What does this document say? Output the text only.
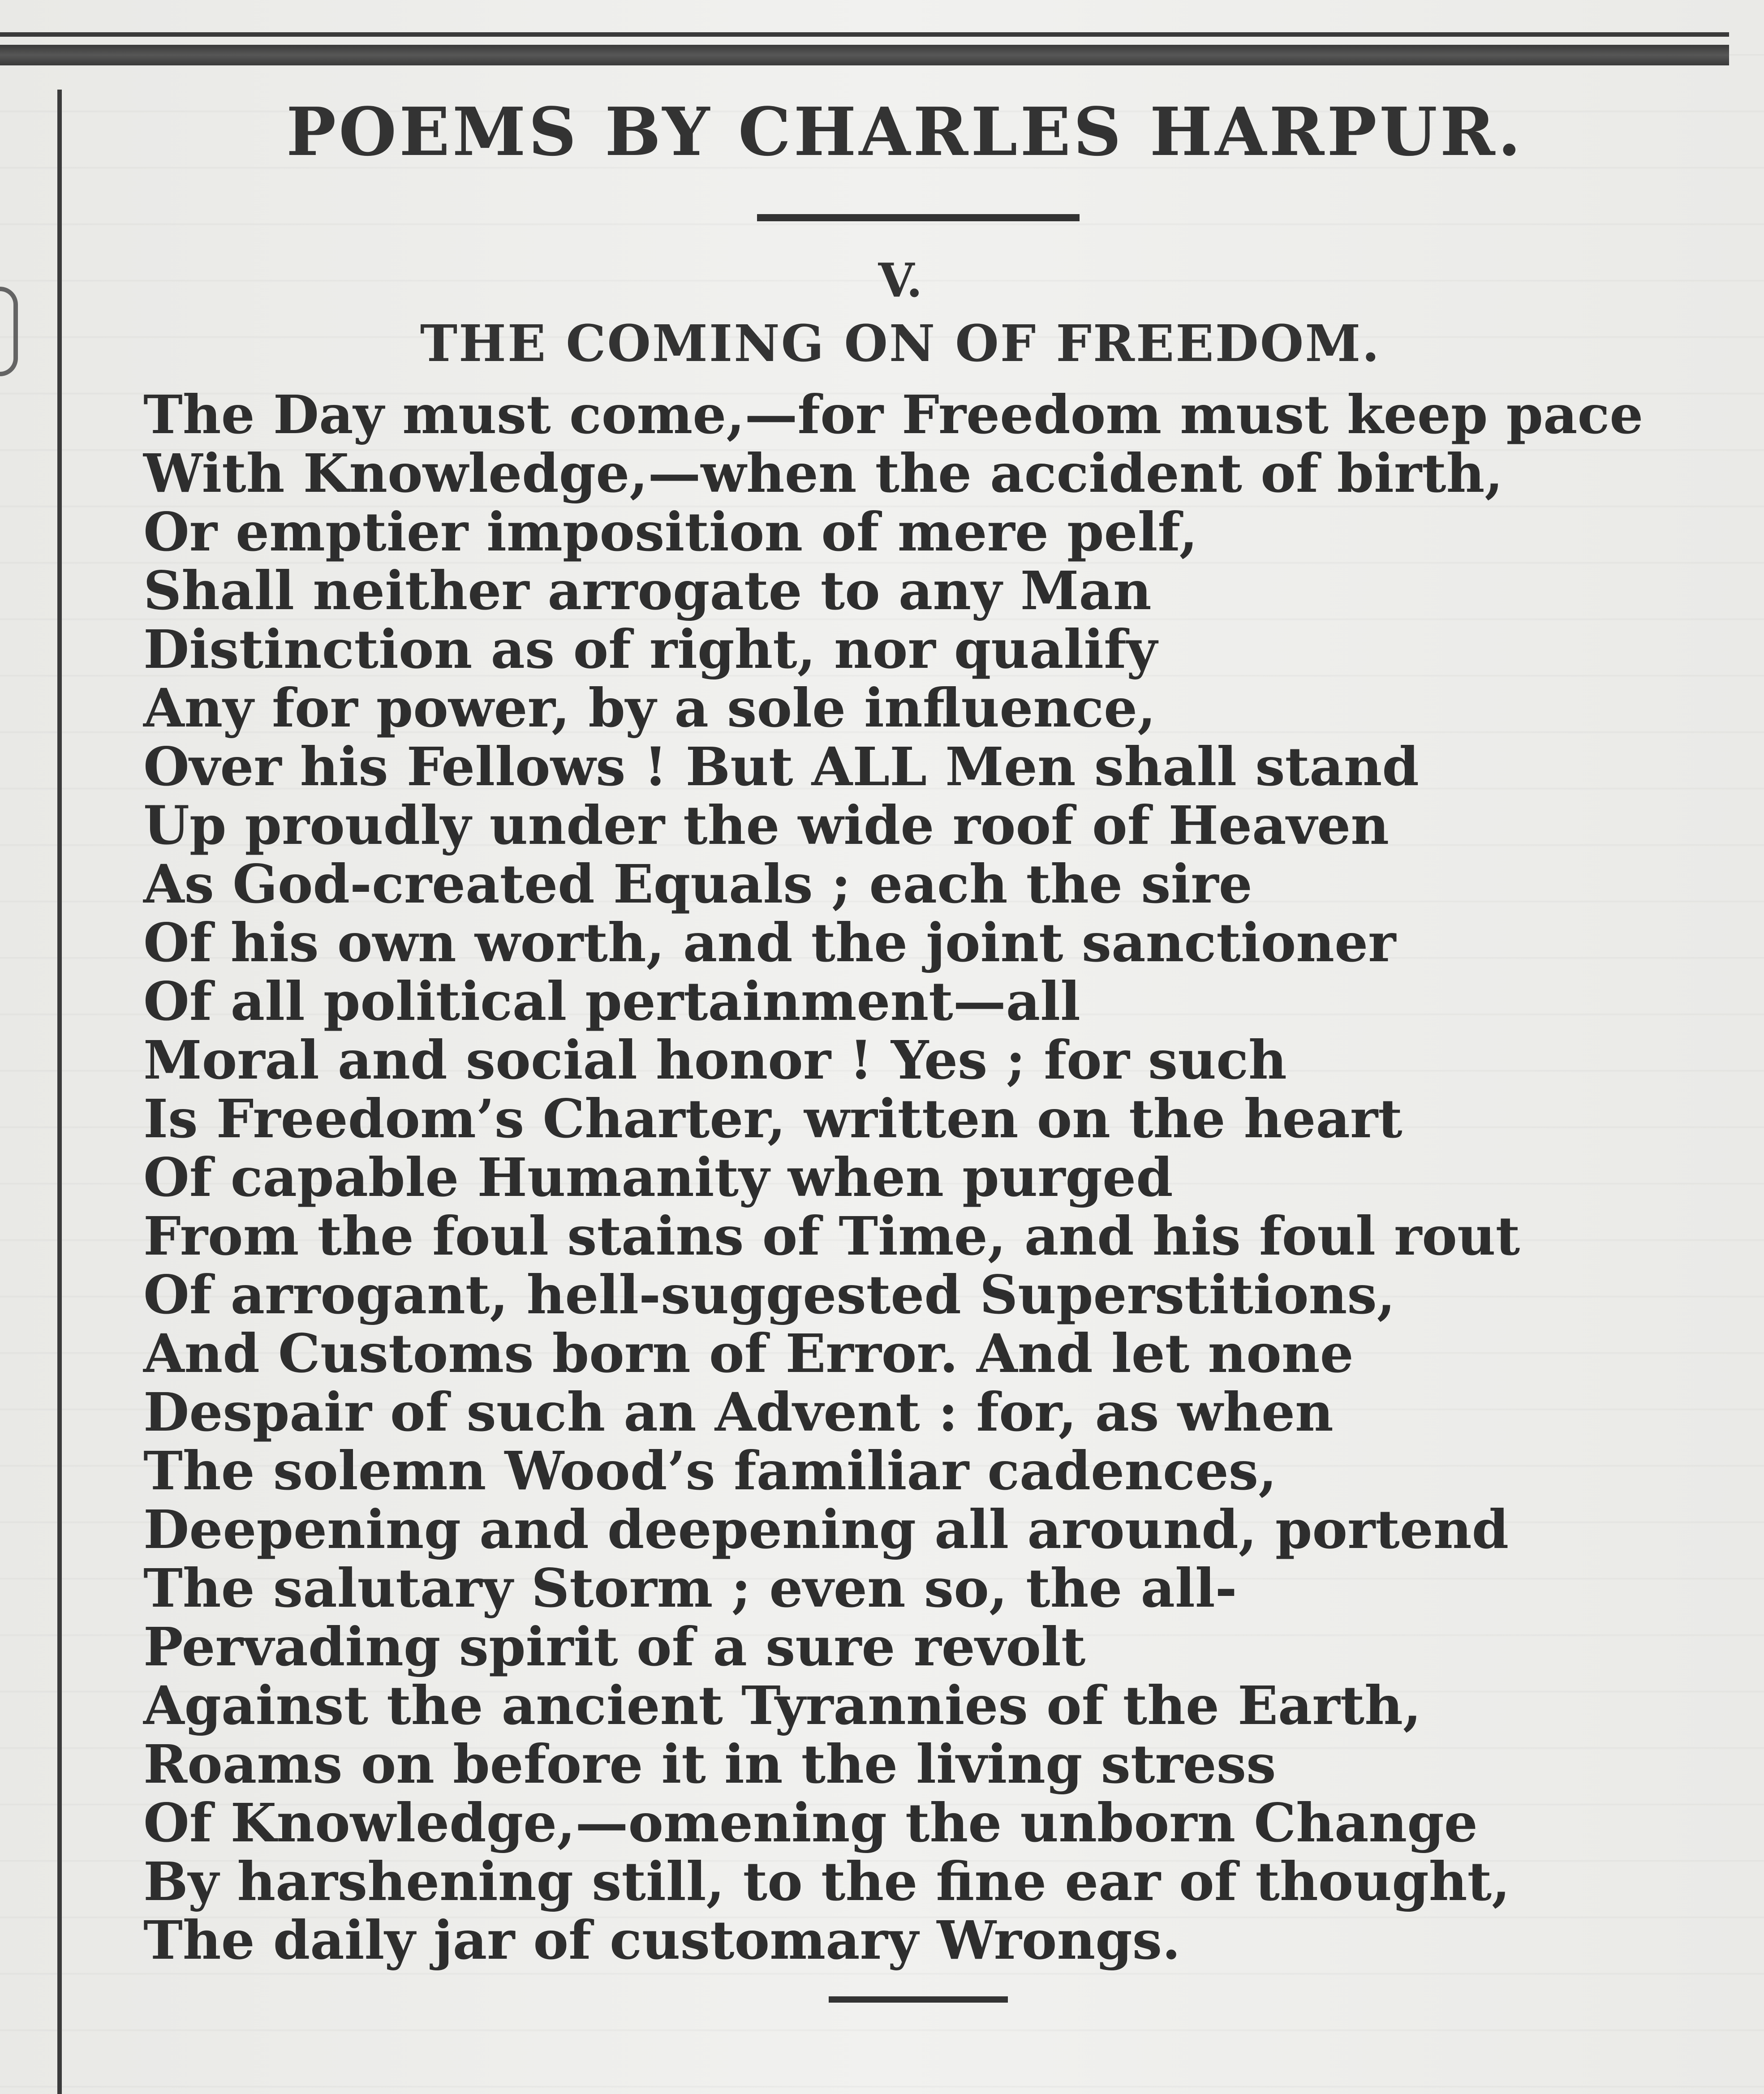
POEMS BY CHARLES HARPUR.
V.
THE COMING ON OF FREEDOM.
The Day must come,—for Freedom must keep pace
With Knowledge,—when the accident of birth,
Or emptier imposition of mere pelf,
Shall neither arrogate to any Man
Distinction as of right, nor qualify
Any for power, by a sole influence,
Over his Fellows ! But ALL Men shall stand
Up proudly under the wide roof of Heaven
As God-created Equals ; each the sire
Of his own worth, and the joint sanctioner
Of all political pertainment—all
Moral and social honor ! Yes ; for such
Is Freedom’s Charter, written on the heart
Of capable Humanity when purged
From the foul stains of Time, and his foul rout
Of arrogant, hell-suggested Superstitions,
And Customs born of Error. And let none
Despair of such an Advent : for, as when
The solemn Wood’s familiar cadences,
Deepening and deepening all around, portend
The salutary Storm ; even so, the all-
Pervading spirit of a sure revolt
Against the ancient Tyrannies of the Earth,
Roams on before it in the living stress
Of Knowledge,—omening the unborn Change
By harshening still, to the fine ear of thought,
The daily jar of customary Wrongs.
